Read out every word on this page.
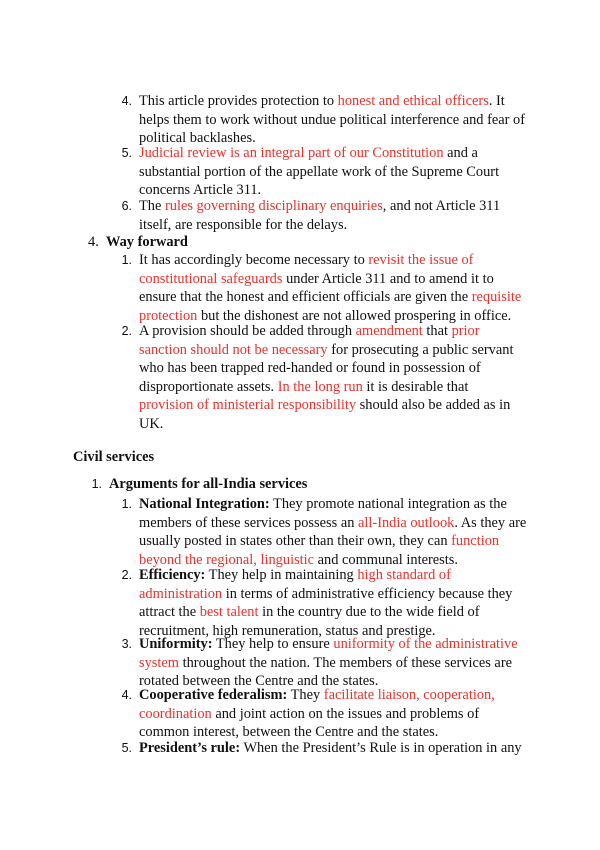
4. This article provides protection to honest and ethical officers. It helps them to work without undue political interference and fear of political backlashes.
5. Judicial review is an integral part of our Constitution and a substantial portion of the appellate work of the Supreme Court concerns Article 311.
6. The rules governing disciplinary enquiries, and not Article 311 itself, are responsible for the delays.
4. Way forward
1. It has accordingly become necessary to revisit the issue of constitutional safeguards under Article 311 and to amend it to ensure that the honest and efficient officials are given the requisite protection but the dishonest are not allowed prospering in office.
2. A provision should be added through amendment that prior sanction should not be necessary for prosecuting a public servant who has been trapped red-handed or found in possession of disproportionate assets. In the long run it is desirable that provision of ministerial responsibility should also be added as in UK.
Civil services
1. Arguments for all-India services
1. National Integration: They promote national integration as the members of these services possess an all-India outlook. As they are usually posted in states other than their own, they can function beyond the regional, linguistic and communal interests.
2. Efficiency: They help in maintaining high standard of administration in terms of administrative efficiency because they attract the best talent in the country due to the wide field of recruitment, high remuneration, status and prestige.
3. Uniformity: They help to ensure uniformity of the administrative system throughout the nation. The members of these services are rotated between the Centre and the states.
4. Cooperative federalism: They facilitate liaison, cooperation, coordination and joint action on the issues and problems of common interest, between the Centre and the states.
5. President’s rule: When the President’s Rule is in operation in any
